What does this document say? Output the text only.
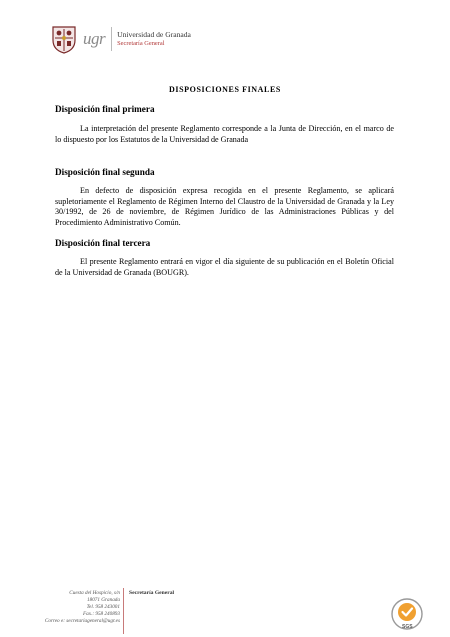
ugr Universidad de Granada
Secretaría General
DISPOSICIONES FINALES
Disposición final primera

La interpretación del presente Reglamento corresponde a la Junta de Dirección, en el marco de lo dispuesto por los Estatutos de la Universidad de Granada

Disposición final segunda

En defecto de disposición expresa recogida en el presente Reglamento, se aplicará supletoriamente el Reglamento de Régimen Interno del Claustro de la Universidad de Granada y la Ley 30/1992, de 26 de noviembre, de Régimen Jurídico de las Administraciones Públicas y del Procedimiento Administrativo Común.

Disposición final tercera

El presente Reglamento entrará en vigor el día siguiente de su publicación en el Boletín Oficial de la Universidad de Granada (BOUGR).

Cuesta del Hospicio, s/n
18071 Granada
Tel. 958 243001
Fax.: 958 240893
Correo e: secretariageneral@ugr.es
Secretaría General
SGS
